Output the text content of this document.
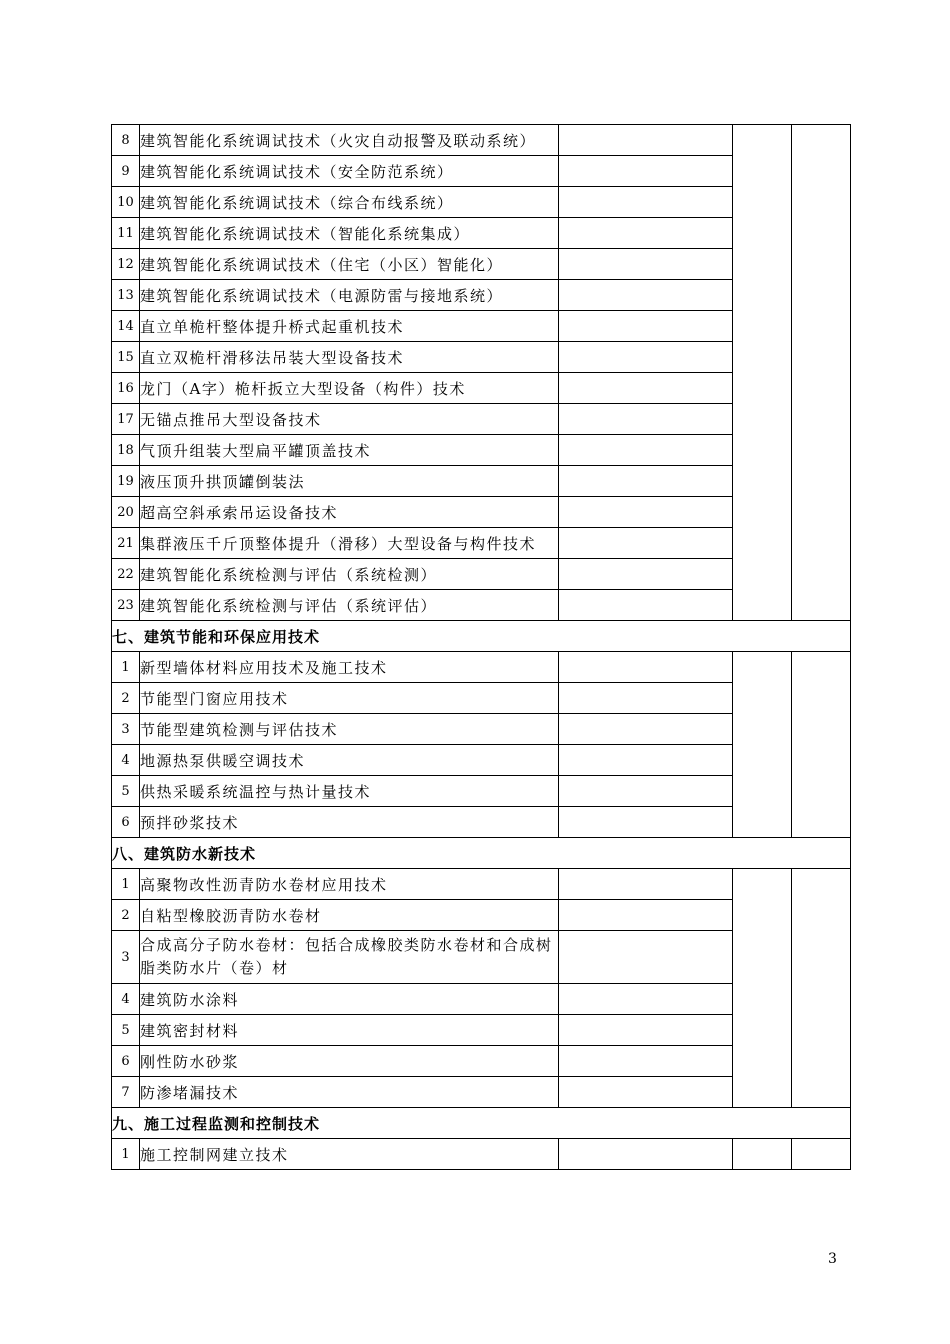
8	建筑智能化系统调试技术（火灾自动报警及联动系统）			
9	建筑智能化系统调试技术（安全防范系统）			
10	建筑智能化系统调试技术（综合布线系统）			
11	建筑智能化系统调试技术（智能化系统集成）			
12	建筑智能化系统调试技术（住宅（小区）智能化）			
13	建筑智能化系统调试技术（电源防雷与接地系统）			
14	直立单桅杆整体提升桥式起重机技术			
15	直立双桅杆滑移法吊装大型设备技术			
16	龙门（A字）桅杆扳立大型设备（构件）技术			
17	无锚点推吊大型设备技术			
18	气顶升组装大型扁平罐顶盖技术			
19	液压顶升拱顶罐倒装法			
20	超高空斜承索吊运设备技术			
21	集群液压千斤顶整体提升（滑移）大型设备与构件技术			
22	建筑智能化系统检测与评估（系统检测）			
23	建筑智能化系统检测与评估（系统评估）			
七、建筑节能和环保应用技术				
1	新型墙体材料应用技术及施工技术			
2	节能型门窗应用技术			
3	节能型建筑检测与评估技术			
4	地源热泵供暖空调技术			
5	供热采暖系统温控与热计量技术			
6	预拌砂浆技术			
八、建筑防水新技术				
1	高聚物改性沥青防水卷材应用技术			
2	自粘型橡胶沥青防水卷材			
3	合成高分子防水卷材：包括合成橡胶类防水卷材和合成树脂类防水片（卷）材			
4	建筑防水涂料			
5	建筑密封材料			
6	刚性防水砂浆			
7	防渗堵漏技术			
九、施工过程监测和控制技术				
1	施工控制网建立技术			
3
